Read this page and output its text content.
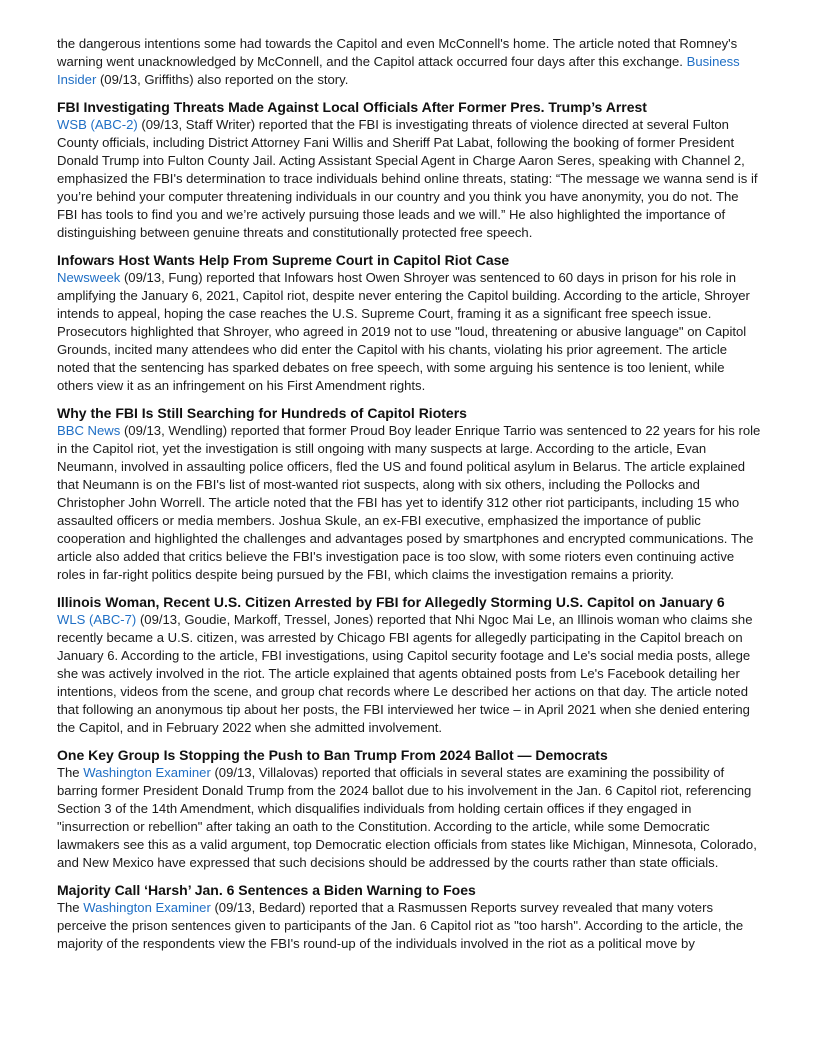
the dangerous intentions some had towards the Capitol and even McConnell's home. The article noted that Romney's warning went unacknowledged by McConnell, and the Capitol attack occurred four days after this exchange. Business Insider (09/13, Griffiths) also reported on the story.

FBI Investigating Threats Made Against Local Officials After Former Pres. Trump’s Arrest

WSB (ABC-2) (09/13, Staff Writer) reported that the FBI is investigating threats of violence directed at several Fulton County officials, including District Attorney Fani Willis and Sheriff Pat Labat, following the booking of former President Donald Trump into Fulton County Jail. Acting Assistant Special Agent in Charge Aaron Seres, speaking with Channel 2, emphasized the FBI's determination to trace individuals behind online threats, stating: “The message we wanna send is if you’re behind your computer threatening individuals in our country and you think you have anonymity, you do not. The FBI has tools to find you and we’re actively pursuing those leads and we will.” He also highlighted the importance of distinguishing between genuine threats and constitutionally protected free speech.

Infowars Host Wants Help From Supreme Court in Capitol Riot Case

Newsweek (09/13, Fung) reported that Infowars host Owen Shroyer was sentenced to 60 days in prison for his role in amplifying the January 6, 2021, Capitol riot, despite never entering the Capitol building. According to the article, Shroyer intends to appeal, hoping the case reaches the U.S. Supreme Court, framing it as a significant free speech issue. Prosecutors highlighted that Shroyer, who agreed in 2019 not to use "loud, threatening or abusive language" on Capitol Grounds, incited many attendees who did enter the Capitol with his chants, violating his prior agreement. The article noted that the sentencing has sparked debates on free speech, with some arguing his sentence is too lenient, while others view it as an infringement on his First Amendment rights.

Why the FBI Is Still Searching for Hundreds of Capitol Rioters

BBC News (09/13, Wendling) reported that former Proud Boy leader Enrique Tarrio was sentenced to 22 years for his role in the Capitol riot, yet the investigation is still ongoing with many suspects at large. According to the article, Evan Neumann, involved in assaulting police officers, fled the US and found political asylum in Belarus. The article explained that Neumann is on the FBI's list of most-wanted riot suspects, along with six others, including the Pollocks and Christopher John Worrell. The article noted that the FBI has yet to identify 312 other riot participants, including 15 who assaulted officers or media members. Joshua Skule, an ex-FBI executive, emphasized the importance of public cooperation and highlighted the challenges and advantages posed by smartphones and encrypted communications. The article also added that critics believe the FBI's investigation pace is too slow, with some rioters even continuing active roles in far-right politics despite being pursued by the FBI, which claims the investigation remains a priority.

Illinois Woman, Recent U.S. Citizen Arrested by FBI for Allegedly Storming U.S. Capitol on January 6

WLS (ABC-7) (09/13, Goudie, Markoff, Tressel, Jones) reported that Nhi Ngoc Mai Le, an Illinois woman who claims she recently became a U.S. citizen, was arrested by Chicago FBI agents for allegedly participating in the Capitol breach on January 6. According to the article, FBI investigations, using Capitol security footage and Le's social media posts, allege she was actively involved in the riot. The article explained that agents obtained posts from Le's Facebook detailing her intentions, videos from the scene, and group chat records where Le described her actions on that day. The article noted that following an anonymous tip about her posts, the FBI interviewed her twice – in April 2021 when she denied entering the Capitol, and in February 2022 when she admitted involvement.

One Key Group Is Stopping the Push to Ban Trump From 2024 Ballot — Democrats

The Washington Examiner (09/13, Villalovas) reported that officials in several states are examining the possibility of barring former President Donald Trump from the 2024 ballot due to his involvement in the Jan. 6 Capitol riot, referencing Section 3 of the 14th Amendment, which disqualifies individuals from holding certain offices if they engaged in "insurrection or rebellion" after taking an oath to the Constitution. According to the article, while some Democratic lawmakers see this as a valid argument, top Democratic election officials from states like Michigan, Minnesota, Colorado, and New Mexico have expressed that such decisions should be addressed by the courts rather than state officials.

Majority Call ‘Harsh’ Jan. 6 Sentences a Biden Warning to Foes

The Washington Examiner (09/13, Bedard) reported that a Rasmussen Reports survey revealed that many voters perceive the prison sentences given to participants of the Jan. 6 Capitol riot as "too harsh". According to the article, the majority of the respondents view the FBI's round-up of the individuals involved in the riot as a political move by
